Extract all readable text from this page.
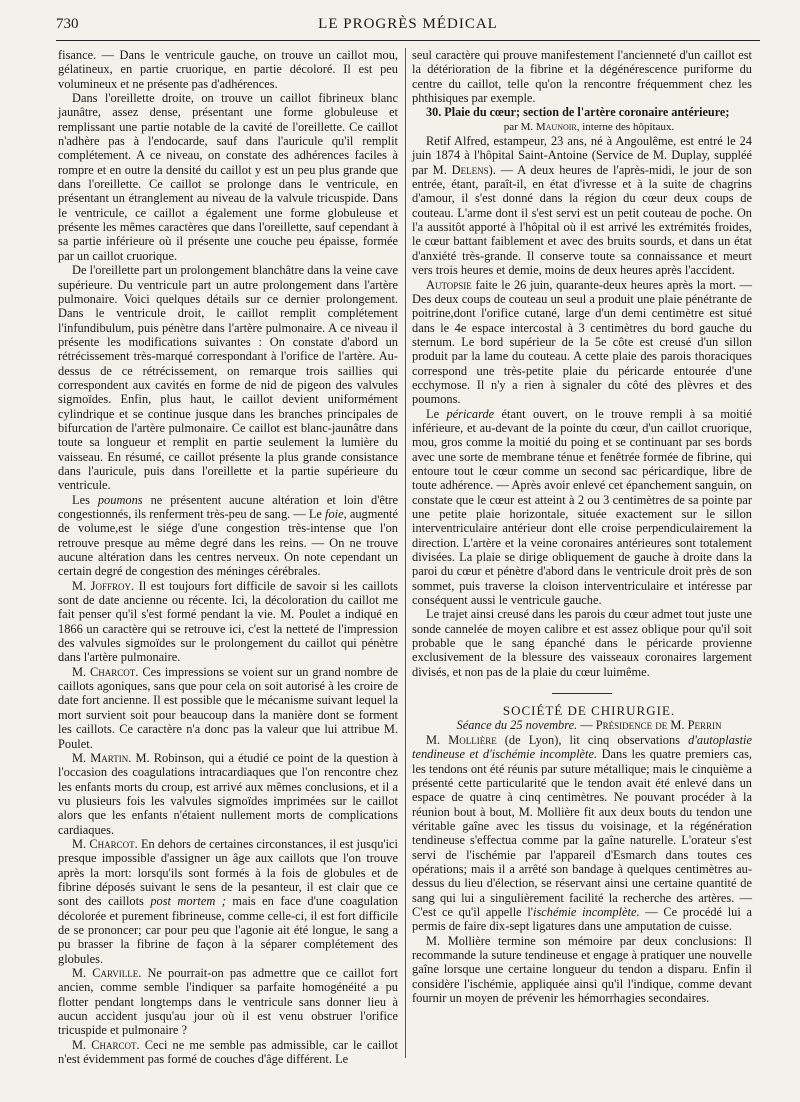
730	LE PROGRÈS MÉDICAL

fisance. — Dans le ventricule gauche, on trouve un caillot mou, gélatineux, en partie cruorique, en partie décoloré. Il est peu volumineux et ne présente pas d'adhérences.

Dans l'oreillette droite, on trouve un caillot fibrineux blanc jaunâtre, assez dense, présentant une forme globuleuse et remplissant une partie notable de la cavité de l'oreillette. Ce caillot n'adhère pas à l'endocarde, sauf dans l'auricule qu'il remplit complétement. A ce niveau, on constate des adhérences faciles à rompre et en outre la densité du caillot y est un peu plus grande que dans l'oreillette. Ce caillot se prolonge dans le ventricule, en présentant un étranglement au niveau de la valvule tricuspide. Dans le ventricule, ce caillot a également une forme globuleuse et présente les mêmes caractères que dans l'oreillette, sauf cependant à sa partie inférieure où il présente une couche peu épaisse, formée par un caillot cruorique.

De l'oreillette part un prolongement blanchâtre dans la veine cave supérieure. Du ventricule part un autre prolongement dans l'artère pulmonaire. Voici quelques détails sur ce dernier prolongement. Dans le ventricule droit, le caillot remplit complétement l'infundibulum, puis pénètre dans l'artère pulmonaire. A ce niveau il présente les modifications suivantes : On constate d'abord un rétrécissement très-marqué correspondant à l'orifice de l'artère. Au-dessus de ce rétrécissement, on remarque trois saillies qui correspondent aux cavités en forme de nid de pigeon des valvules sigmoïdes. Enfin, plus haut, le caillot devient uniformément cylindrique et se continue jusque dans les branches principales de bifurcation de l'artère pulmonaire. Ce caillot est blanc-jaunâtre dans toute sa longueur et remplit en partie seulement la lumière du vaisseau. En résumé, ce caillot présente la plus grande consistance dans l'auricule, puis dans l'oreillette et la partie supérieure du ventricule.

Les poumons ne présentent aucune altération et loin d'être congestionnés, ils renferment très-peu de sang. — Le foie, augmenté de volume,est le siége d'une congestion très-intense que l'on retrouve presque au même degré dans les reins. — On ne trouve aucune altération dans les centres nerveux. On note cependant un certain degré de congestion des méninges cérébrales.

M. Joffroy. Il est toujours fort difficile de savoir si les caillots sont de date ancienne ou récente. Ici, la décoloration du caillot me fait penser qu'il s'est formé pendant la vie. M. Poulet a indiqué en 1866 un caractère qui se retrouve ici, c'est la netteté de l'impression des valvules sigmoïdes sur le prolongement du caillot qui pénètre dans l'artère pulmonaire.

M. Charcot. Ces impressions se voient sur un grand nombre de caillots agoniques, sans que pour cela on soit autorisé à les croire de date fort ancienne. Il est possible que le mécanisme suivant lequel la mort survient soit pour beaucoup dans la manière dont se forment les caillots. Ce caractère n'a donc pas la valeur que lui attribue M. Poulet.

M. Martin. M. Robinson, qui a étudié ce point de la question à l'occasion des coagulations intracardiaques que l'on rencontre chez les enfants morts du croup, est arrivé aux mêmes conclusions, et il a vu plusieurs fois les valvules sigmoïdes imprimées sur le caillot alors que les enfants n'étaient nullement morts de complications cardiaques.

M. Charcot. En dehors de certaines circonstances, il est jusqu'ici presque impossible d'assigner un âge aux caillots que l'on trouve après la mort: lorsqu'ils sont formés à la fois de globules et de fibrine déposés suivant le sens de la pesanteur, il est clair que ce sont des caillots post mortem ; mais en face d'une coagulation décolorée et purement fibrineuse, comme celle-ci, il est fort difficile de se prononcer; car pour peu que l'agonie ait été longue, le sang a pu brasser la fibrine de façon à la séparer complétement des globules.

M. Carville. Ne pourrait-on pas admettre que ce caillot fort ancien, comme semble l'indiquer sa parfaite homogénéité a pu flotter pendant longtemps dans le ventricule sans donner lieu à aucun accident jusqu'au jour où il est venu obstruer l'orifice tricuspide et pulmonaire ?

M. Charcot. Ceci ne me semble pas admissible, car le caillot n'est évidemment pas formé de couches d'âge différent. Le

seul caractère qui prouve manifestement l'ancienneté d'un caillot est la détérioration de la fibrine et la dégénérescence puriforme du centre du caillot, telle qu'on la rencontre fréquemment chez les phthisiques par exemple.

30. Plaie du cœur; section de l'artère coronaire antérieure;

par M. Maunoir, interne des hôpitaux.

Retif Alfred, estampeur, 23 ans, né à Angoulême, est entré le 24 juin 1874 à l'hôpital Saint-Antoine (Service de M. Duplay, suppléé par M. Delens). — A deux heures de l'après-midi, le jour de son entrée, étant, paraît-il, en état d'ivresse et à la suite de chagrins d'amour, il s'est donné dans la région du cœur deux coups de couteau. L'arme dont il s'est servi est un petit couteau de poche. On l'a aussitôt apporté à l'hôpital où il est arrivé les extrémités froides, le cœur battant faiblement et avec des bruits sourds, et dans un état d'anxiété très-grande. Il conserve toute sa connaissance et meurt vers trois heures et demie, moins de deux heures après l'accident.

Autopsie faite le 26 juin, quarante-deux heures après la mort. — Des deux coups de couteau un seul a produit une plaie pénétrante de poitrine,dont l'orifice cutané, large d'un demi centimètre est situé dans le 4e espace intercostal à 3 centimètres du bord gauche du sternum. Le bord supérieur de la 5e côte est creusé d'un sillon produit par la lame du couteau. A cette plaie des parois thoraciques correspond une très-petite plaie du péricarde entourée d'une ecchymose. Il n'y a rien à signaler du côté des plèvres et des poumons.

Le péricarde étant ouvert, on le trouve rempli à sa moitié inférieure, et au-devant de la pointe du cœur, d'un caillot cruorique, mou, gros comme la moitié du poing et se continuant par ses bords avec une sorte de membrane ténue et fenêtrée formée de fibrine, qui entoure tout le cœur comme un second sac péricardique, libre de toute adhérence. — Après avoir enlevé cet épanchement sanguin, on constate que le cœur est atteint à 2 ou 3 centimètres de sa pointe par une petite plaie horizontale, située exactement sur le sillon interventriculaire antérieur dont elle croise perpendiculairement la direction. L'artère et la veine coronaires antérieures sont totalement divisées. La plaie se dirige obliquement de gauche à droite dans la paroi du cœur et pénètre d'abord dans le ventricule droit près de son sommet, puis traverse la cloison interventriculaire et intéresse par conséquent aussi le ventricule gauche.

Le trajet ainsi creusé dans les parois du cœur admet tout juste une sonde cannelée de moyen calibre et est assez oblique pour qu'il soit probable que le sang épanché dans le péricarde provienne exclusivement de la blessure des vaisseaux coronaires largement divisés, et non pas de la plaie du cœur luimême.

SOCIÉTÉ DE CHIRURGIE.

Séance du 25 novembre. — Présidence de M. Perrin

M. Mollière (de Lyon), lit cinq observations d'autoplastie tendineuse et d'ischémie incomplète. Dans les quatre premiers cas, les tendons ont été réunis par suture métallique; mais le cinquième a présenté cette particularité que le tendon avait été enlevé dans un espace de quatre à cinq centimètres. Ne pouvant procéder à la réunion bout à bout, M. Mollière fit aux deux bouts du tendon une véritable gaîne avec les tissus du voisinage, et la régénération tendineuse s'effectua comme par la gaîne naturelle. L'orateur s'est servi de l'ischémie par l'appareil d'Esmarch dans toutes ces opérations; mais il a arrêté son bandage à quelques centimètres au-dessus du lieu d'élection, se réservant ainsi une certaine quantité de sang qui lui a singulièrement facilité la recherche des artères. — C'est ce qu'il appelle l'ischémie incomplète. — Ce procédé lui a permis de faire dix-sept ligatures dans une amputation de cuisse.

M. Mollière termine son mémoire par deux conclusions: Il recommande la suture tendineuse et engage à pratiquer une nouvelle gaîne lorsque une certaine longueur du tendon a disparu. Enfin il considère l'ischémie, appliquée ainsi qu'il l'indique, comme devant fournir un moyen de prévenir les hémorrhagies secondaires.
